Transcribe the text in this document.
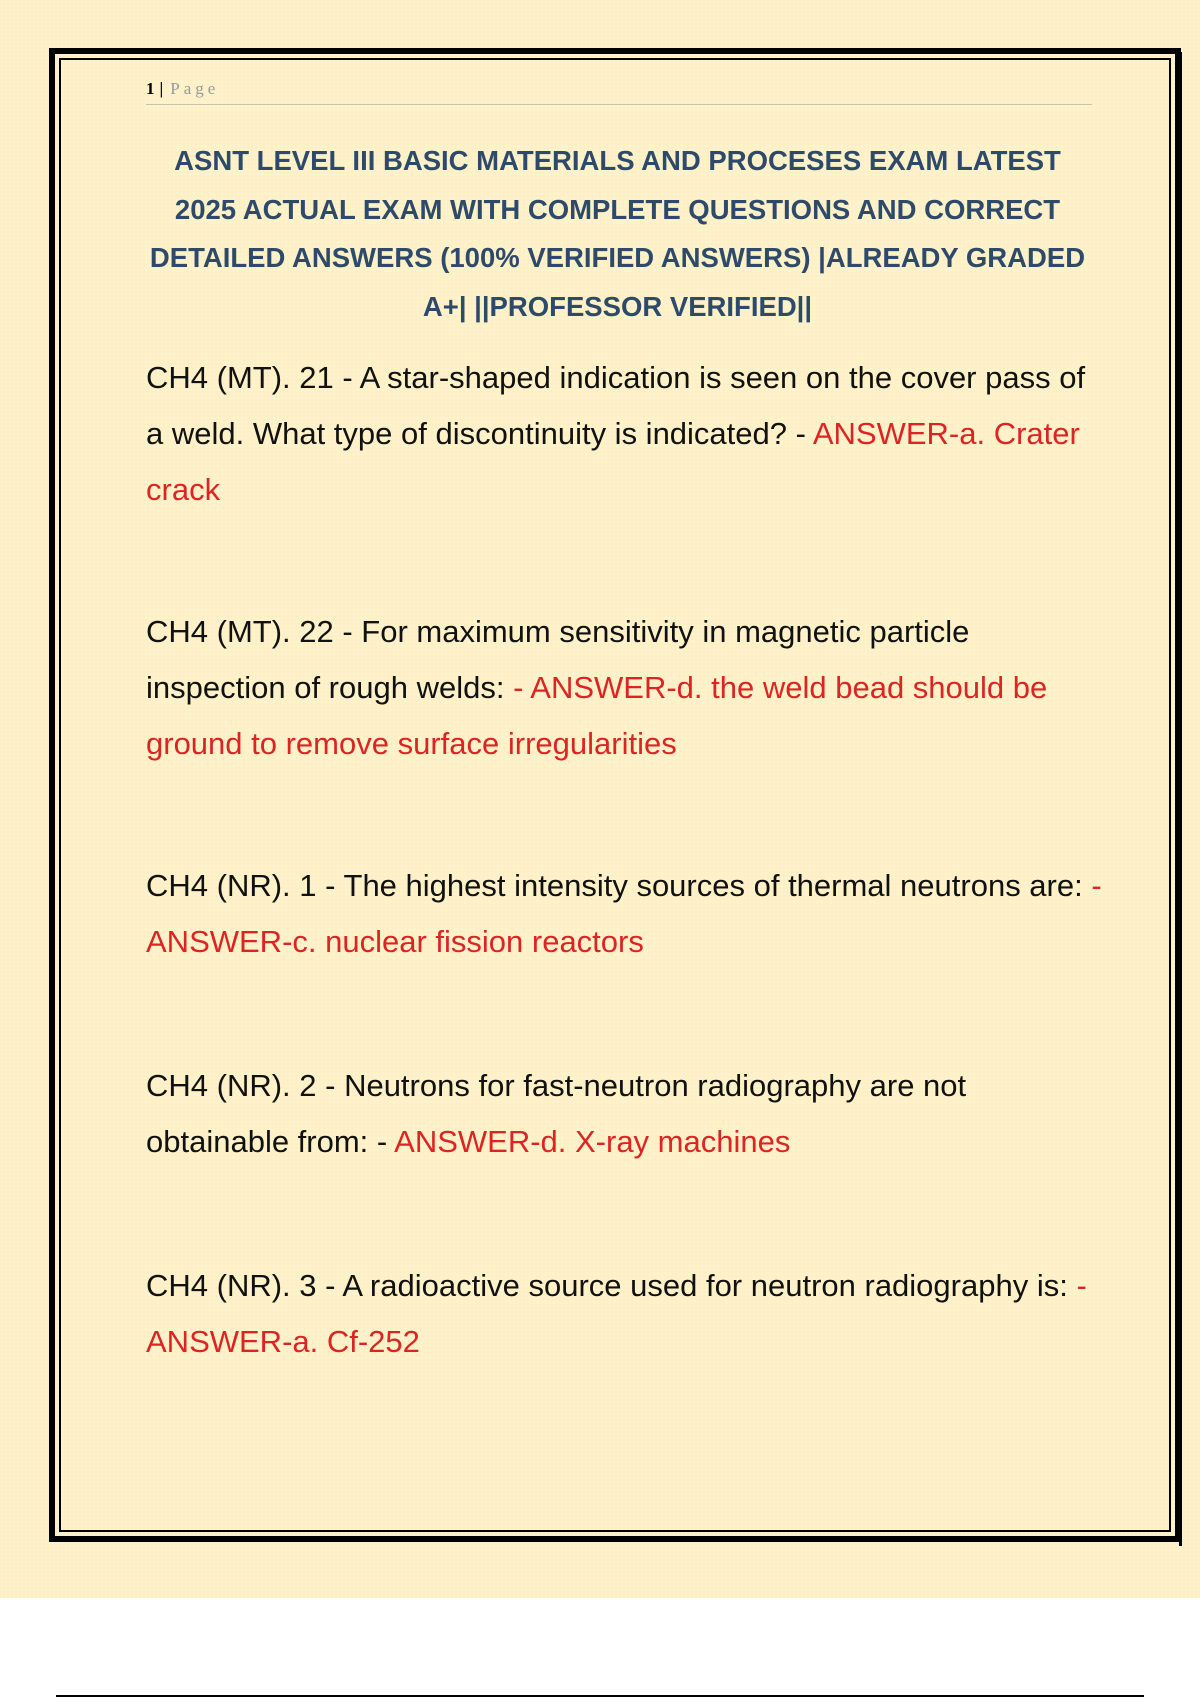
1 | Page
ASNT LEVEL III BASIC MATERIALS AND PROCESES EXAM LATEST 2025 ACTUAL EXAM WITH COMPLETE QUESTIONS AND CORRECT DETAILED ANSWERS (100% VERIFIED ANSWERS) |ALREADY GRADED A+| ||PROFESSOR VERIFIED||

CH4 (MT). 21 - A star-shaped indication is seen on the cover pass of a weld. What type of discontinuity is indicated? - ANSWER-a. Crater crack

CH4 (MT). 22 - For maximum sensitivity in magnetic particle inspection of rough welds: - ANSWER-d. the weld bead should be ground to remove surface irregularities

CH4 (NR). 1 - The highest intensity sources of thermal neutrons are: - ANSWER-c. nuclear fission reactors

CH4 (NR). 2 - Neutrons for fast-neutron radiography are not obtainable from: - ANSWER-d. X-ray machines

CH4 (NR). 3 - A radioactive source used for neutron radiography is: - ANSWER-a. Cf-252
